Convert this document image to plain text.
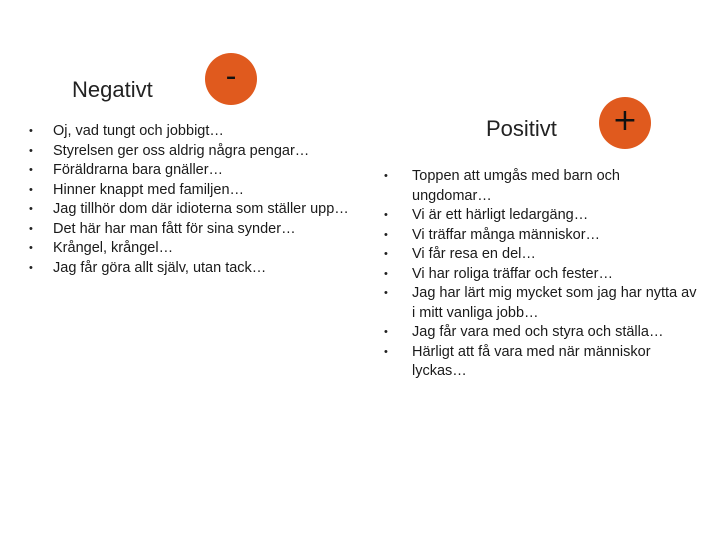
Negativt	-
• Oj, vad tungt och jobbigt…
• Styrelsen ger oss aldrig några pengar…
• Föräldrarna bara gnäller…
• Hinner knappt med familjen…
• Jag tillhör dom där idioterna som ställer upp…
• Det här har man fått för sina synder…
• Krångel, krångel…
• Jag får göra allt själv, utan tack…
Positivt	+
• Toppen att umgås med barn och ungdomar…
• Vi är ett härligt ledargäng…
• Vi träffar många människor…
• Vi får resa en del…
• Vi har roliga träffar och fester…
• Jag har lärt mig mycket som jag har nytta av i mitt vanliga jobb…
• Jag får vara med och styra och ställa…
• Härligt att få vara med när människor lyckas…
